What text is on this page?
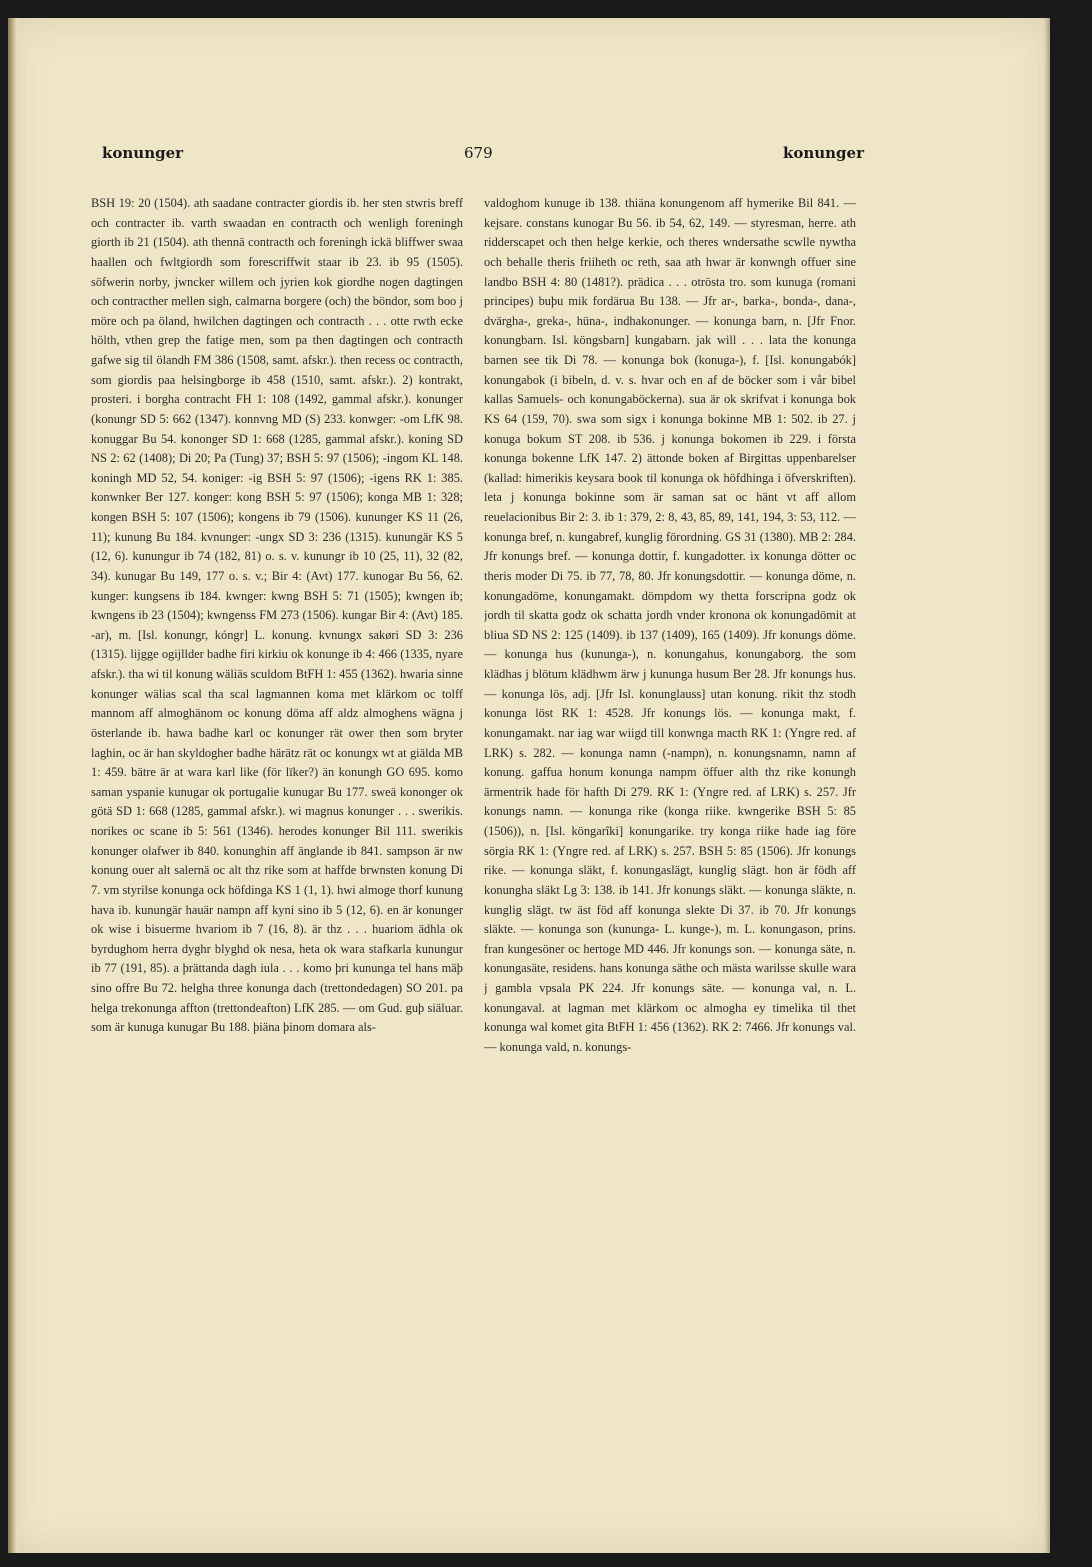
konunger	679	konunger

BSH 19: 20 (1504). ath saadane contracter giordis ib. her sten stwris breff och contracter ib. varth swaadan en contracth och wenligh foreningh giorth ib 21 (1504). ath thennä contracth och foreningh ickä bliffwer swaa haallen och fwltgiordh som forescriffwit staar ib 23. ib 95 (1505). söfwerin norby, jwncker willem och jyrien kok giordhe nogen dagtingen och contracther mellen sigh, calmarna borgere (och) the böndor, som boo j möre och pa öland, hwilchen dagtingen och contracth . . . otte rwth ecke hölth, vthen grep the fatige men, som pa then dagtingen och contracth gafwe sig til ölandh FM 386 (1508, samt. afskr.). then recess oc contracth, som giordis paa helsingborge ib 458 (1510, samt. afskr.). 2) kontrakt, prosteri. i borgha contracht FH 1: 108 (1492, gammal afskr.). konunger (konungr SD 5: 662 (1347). konnvng MD (S) 233. konwger: -om LfK 98. konuggar Bu 54. kononger SD 1: 668 (1285, gammal afskr.). koning SD NS 2: 62 (1408); Di 20; Pa (Tung) 37; BSH 5: 97 (1506); -ingom KL 148. koningh MD 52, 54. koniger: -ig BSH 5: 97 (1506); -igens RK 1: 385. konwnker Ber 127. konger: kong BSH 5: 97 (1506); konga MB 1: 328; kongen BSH 5: 107 (1506); kongens ib 79 (1506). kununger KS 11 (26, 11); kunung Bu 184. kvnunger: -ungx SD 3: 236 (1315). kunungär KS 5 (12, 6). kunungur ib 74 (182, 81) o. s. v. kunungr ib 10 (25, 11), 32 (82, 34). kunugar Bu 149, 177 o. s. v.; Bir 4: (Avt) 177. kunogar Bu 56, 62. kunger: kungsens ib 184. kwnger: kwng BSH 5: 71 (1505); kwngen ib; kwngens ib 23 (1504); kwngenss FM 273 (1506). kungar Bir 4: (Avt) 185. -ar), m. [Isl. konungr, kóngr] L. konung. kvnungx sakøri SD 3: 236 (1315). lijgge ogijllder badhe firi kirkiu ok konunge ib 4: 466 (1335, nyare afskr.). tha wi til konung wäliäs sculdom BtFH 1: 455 (1362). hwaria sinne konunger wälias scal tha scal lagmannen koma met klärkom oc tolff mannom aff almoghänom oc konung döma aff aldz almoghens wägna j österlande ib. hawa badhe karl oc konunger rät ower then som bryter laghin, oc är han skyldogher badhe härätz rät oc konungx wt at giälda MB 1: 459. bätre är at wara karl like (för lïker?) än konungh GO 695. komo saman yspanie kunugar ok portugalie kunugar Bu 177. sweä kononger ok götä SD 1: 668 (1285, gammal afskr.). wi magnus konunger . . . swerikis. norikes oc scane ib 5: 561 (1346). herodes konunger Bil 111. swerikis konunger olafwer ib 840. konunghin aff änglande ib 841. sampson är nw konung ouer alt salernä oc alt thz rike som at haffde brwnsten konung Di 7. vm styrilse konunga ock höfdinga KS 1 (1, 1). hwi almoge thorf kunung hava ib. kunungär hauär nampn aff kyni sino ib 5 (12, 6). en är konunger ok wise i bisuerme hvariom ib 7 (16, 8). är thz . . . huariom ädhla ok byrdughom herra dyghr blyghd ok nesa, heta ok wara stafkarla kunungur ib 77 (191, 85). a þrättanda dagh iula . . . komo þri kununga tel hans mäþ sino offre Bu 72. helgha three konunga dach (trettondedagen) SO 201. pa helga trekonunga affton (trettondeafton) LfK 285. — om Gud. guþ siäluar. som är kunuga kunugar Bu 188. þiäna þinom domara als-

valdoghom kunuge ib 138. thiäna konungenom aff hymerike Bil 841. — kejsare. constans kunogar Bu 56. ib 54, 62, 149. — styresman, herre. ath ridderscapet och then helge kerkie, och theres wndersathe scwlle nywtha och behalle theris friiheth oc reth, saa ath hwar är konwngh offuer sine landbo BSH 4: 80 (1481?). prädica . . . otrösta tro. som kunuga (romani principes) buþu mik fordärua Bu 138. — Jfr ar-, barka-, bonda-, dana-, dvärgha-, greka-, hüna-, indhakonunger. — konunga barn, n. [Jfr Fnor. konungbarn. Isl. köngsbarn] kungabarn. jak will . . . lata the konunga barnen see tik Di 78. — konunga bok (konuga-), f. [Isl. konungabók] konungabok (i bibeln, d. v. s. hvar och en af de böcker som i vår bibel kallas Samuels- och konungaböckerna). sua är ok skrifvat i konunga bok KS 64 (159, 70). swa som sigx i konunga bokinne MB 1: 502. ib 27. j konuga bokum ST 208. ib 536. j konunga bokomen ib 229. i första konunga bokenne LfK 147. 2) ättonde boken af Birgittas uppenbarelser (kallad: himerikis keysara book til konunga ok höfdhinga i öfverskriften). leta j konunga bokinne som är saman sat oc hänt vt aff allom reuelacionibus Bir 2: 3. ib 1: 379, 2: 8, 43, 85, 89, 141, 194, 3: 53, 112. — konunga bref, n. kungabref, kunglig förordning. GS 31 (1380). MB 2: 284. Jfr konungs bref. — konunga dottir, f. kungadotter. ix konunga dötter oc theris moder Di 75. ib 77, 78, 80. Jfr konungsdottir. — konunga döme, n. konungadöme, konungamakt. dömpdom wy thetta forscripna godz ok jordh til skatta godz ok schatta jordh vnder kronona ok konungadömit at bliua SD NS 2: 125 (1409). ib 137 (1409), 165 (1409). Jfr konungs döme. — konunga hus (kununga-), n. konungahus, konungaborg. the som klädhas j blötum klädhwm ärw j kununga husum Ber 28. Jfr konungs hus. — konunga lös, adj. [Jfr Isl. konunglauss] utan konung. rikit thz stodh konunga löst RK 1: 4528. Jfr konungs lös. — konunga makt, f. konungamakt. nar iag war wiigd till konwnga macth RK 1: (Yngre red. af LRK) s. 282. — konunga namn (-nampn), n. konungsnamn, namn af konung. gaffua honum konunga nampm öffuer alth thz rike konungh ärmentrik hade för hafth Di 279. RK 1: (Yngre red. af LRK) s. 257. Jfr konungs namn. — konunga rike (konga riike. kwngerike BSH 5: 85 (1506)), n. [Isl. köngarîki] konungarike. try konga riike hade iag före sörgia RK 1: (Yngre red. af LRK) s. 257. BSH 5: 85 (1506). Jfr konungs rike. — konunga släkt, f. konungaslägt, kunglig slägt. hon är födh aff konungha släkt Lg 3: 138. ib 141. Jfr konungs släkt. — konunga släkte, n. kunglig slägt. tw äst föd aff konunga slekte Di 37. ib 70. Jfr konungs släkte. — konunga son (kununga- L. kunge-), m. L. konungason, prins. fran kungesöner oc hertoge MD 446. Jfr konungs son. — konunga säte, n. konungasäte, residens. hans konunga säthe och mästa warilsse skulle wara j gambla vpsala PK 224. Jfr konungs säte. — konunga val, n. L. konungaval. at lagman met klärkom oc almogha ey timelika til thet konunga wal komet gita BtFH 1: 456 (1362). RK 2: 7466. Jfr konungs val. — konunga vald, n. konungs-
